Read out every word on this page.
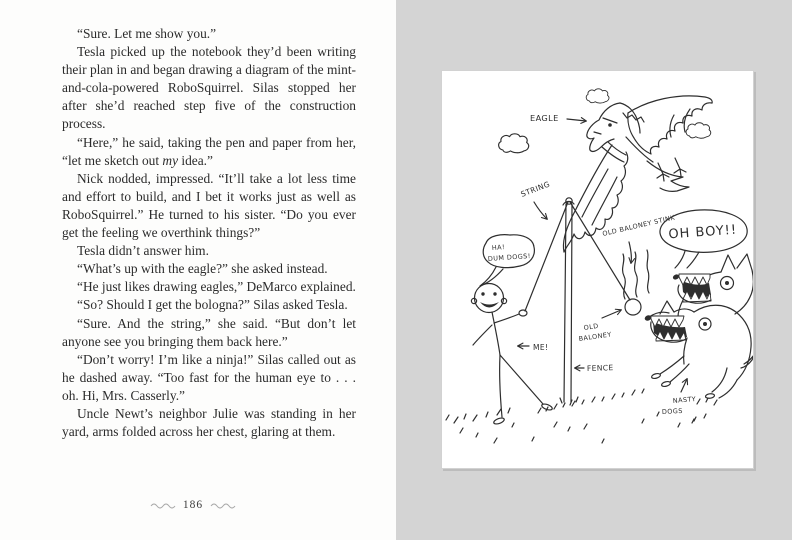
“Sure. Let me show you.”

Tesla picked up the notebook they’d been writing their plan in and began drawing a diagram of the mint-and-cola-powered RoboSquirrel. Silas stopped her after she’d reached step five of the construction process.

“Here,” he said, taking the pen and paper from her, “let me sketch out my idea.”

Nick nodded, impressed. “It’ll take a lot less time and effort to build, and I bet it works just as well as RoboSquirrel.” He turned to his sister. “Do you ever get the feeling we overthink things?”

Tesla didn’t answer him.

“What’s up with the eagle?” she asked instead.

“He just likes drawing eagles,” DeMarco explained.

“So? Should I get the bologna?” Silas asked Tesla.

“Sure. And the string,” she said. “But don’t let anyone see you bringing them back here.”

“Don’t worry! I’m like a ninja!” Silas called out as he dashed away. “Too fast for the human eye to . . . oh. Hi, Mrs. Casserly.”

Uncle Newt’s neighbor Julie was standing in her yard, arms folded across her chest, glaring at them.

186
EAGLE
STRING
HA!
DUM DOGS!
ME!
OLD
BALONEY
FENCE
OLD BALONEY STINK
OH BOY!!
NASTY
DOGS
